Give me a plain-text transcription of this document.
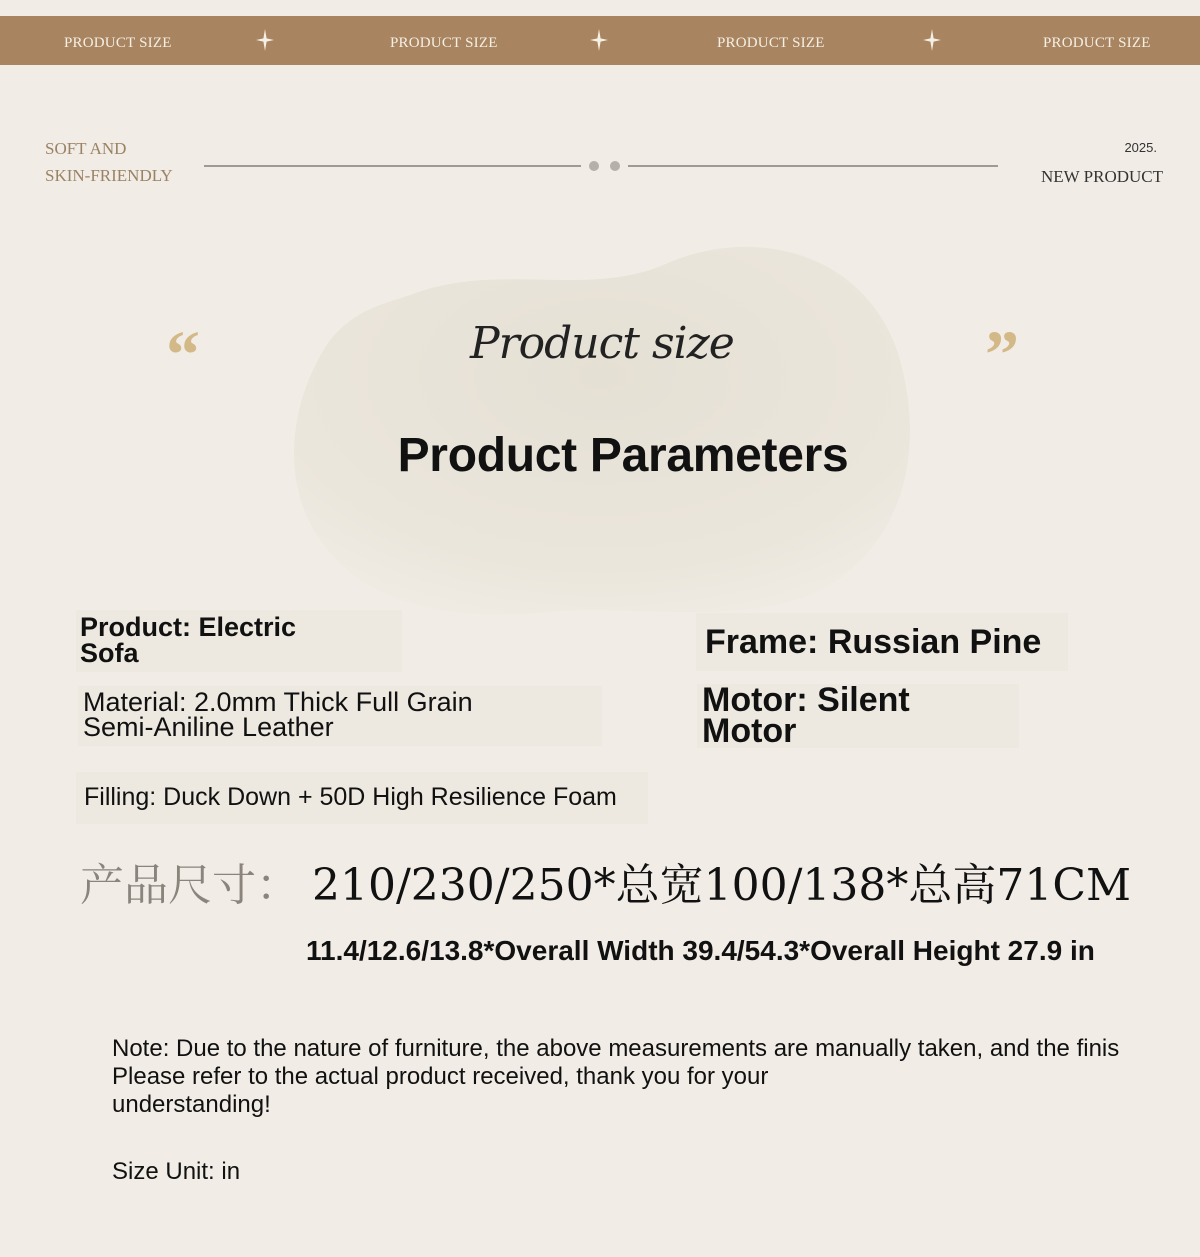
PRODUCT SIZE	PRODUCT SIZE	PRODUCT SIZE	PRODUCT SIZE
SOFT AND
SKIN-FRIENDLY
2025.
NEW PRODUCT
“	”
Product size
Product Parameters
Product: Electric
Sofa	Frame: Russian Pine
Material: 2.0mm Thick Full Grain
Semi-Aniline Leather
Motor: Silent
Motor
Filling: Duck Down + 50D High Resilience Foam
产品尺寸： 210/230/250*总宽100/138*总高71CM
11.4/12.6/13.8*Overall Width 39.4/54.3*Overall Height 27.9 in
Note: Due to the nature of furniture, the above measurements are manually taken, and the finis
Please refer to the actual product received, thank you for your
understanding!
Size Unit: in
